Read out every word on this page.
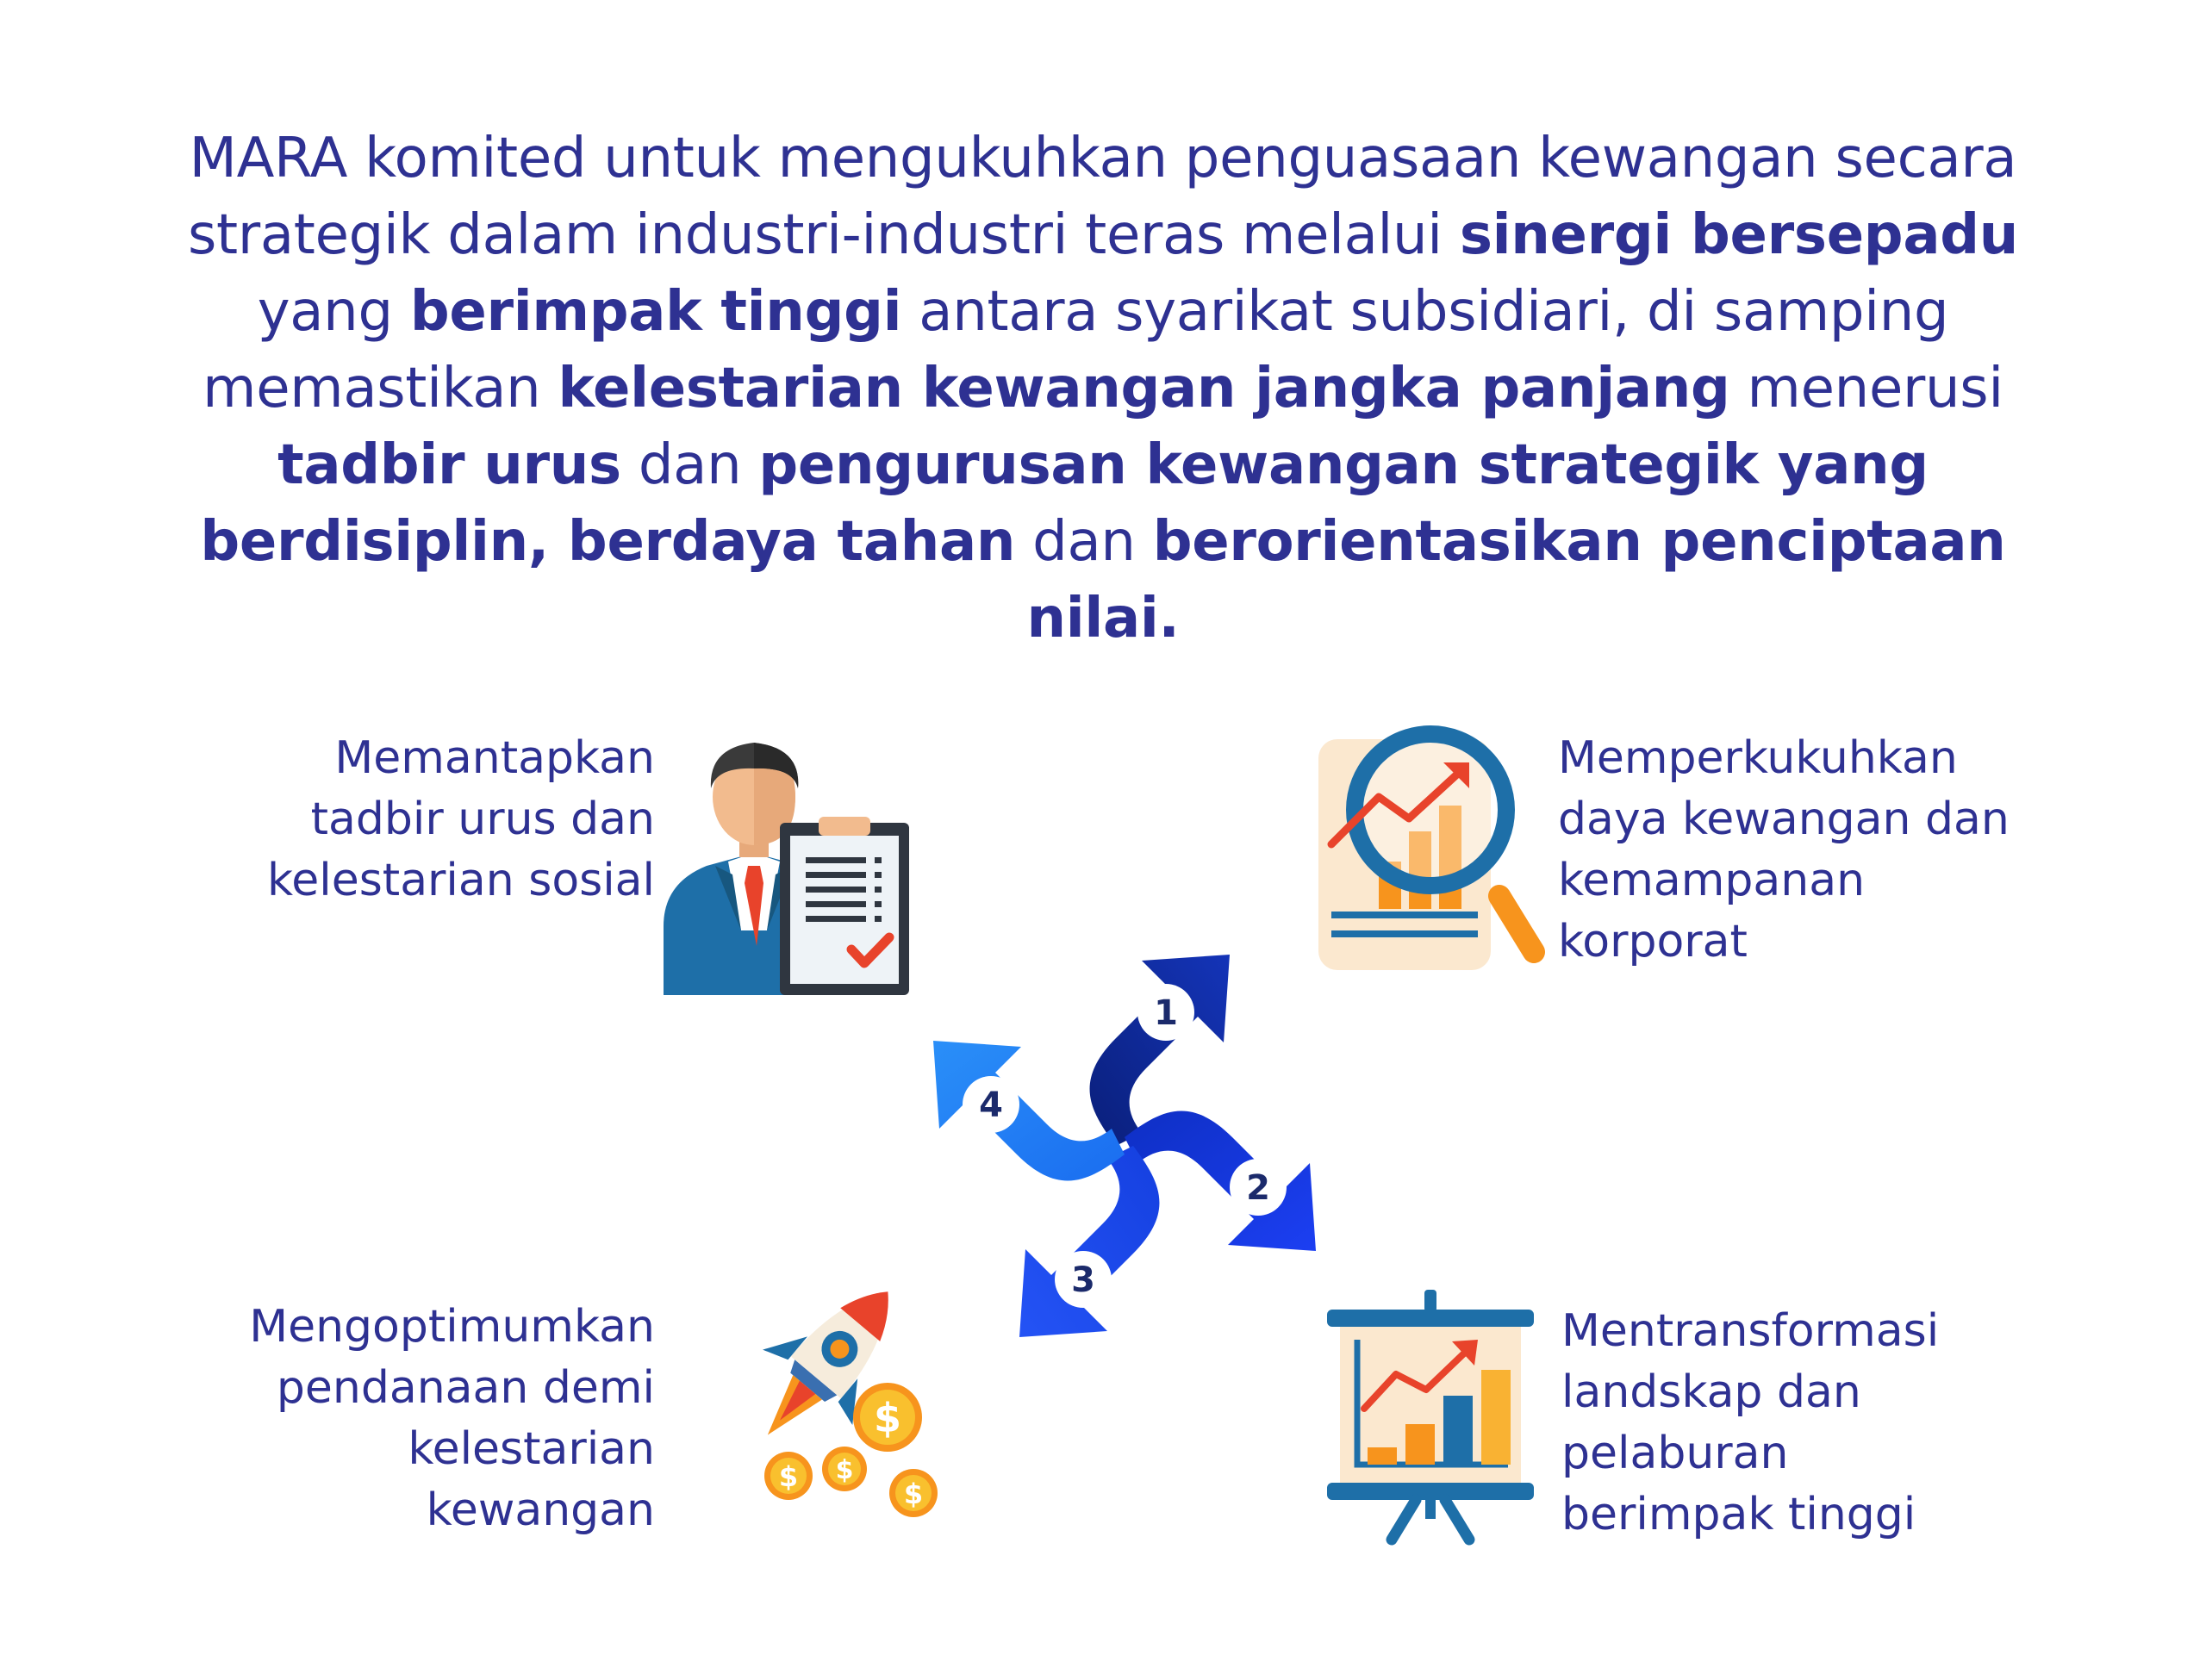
MARA komited untuk mengukuhkan penguasaan kewangan secara strategik dalam industri-industri teras melalui sinergi bersepadu yang berimpak tinggi antara syarikat subsidiari, di samping memastikan kelestarian kewangan jangka panjang menerusi tadbir urus dan pengurusan kewangan strategik yang berdisiplin, berdaya tahan dan berorientasikan penciptaan nilai.
Memantapkan
tadbir urus dan
kelestarian sosial
Memperkukuhkan
daya kewangan dan
kemampanan
korporat
Mentransformasi
landskap dan
pelaburan
berimpak tinggi
Mengoptimumkan
pendanaan demi
kelestarian
kewangan
$
$ $
$
1
2
3
4
